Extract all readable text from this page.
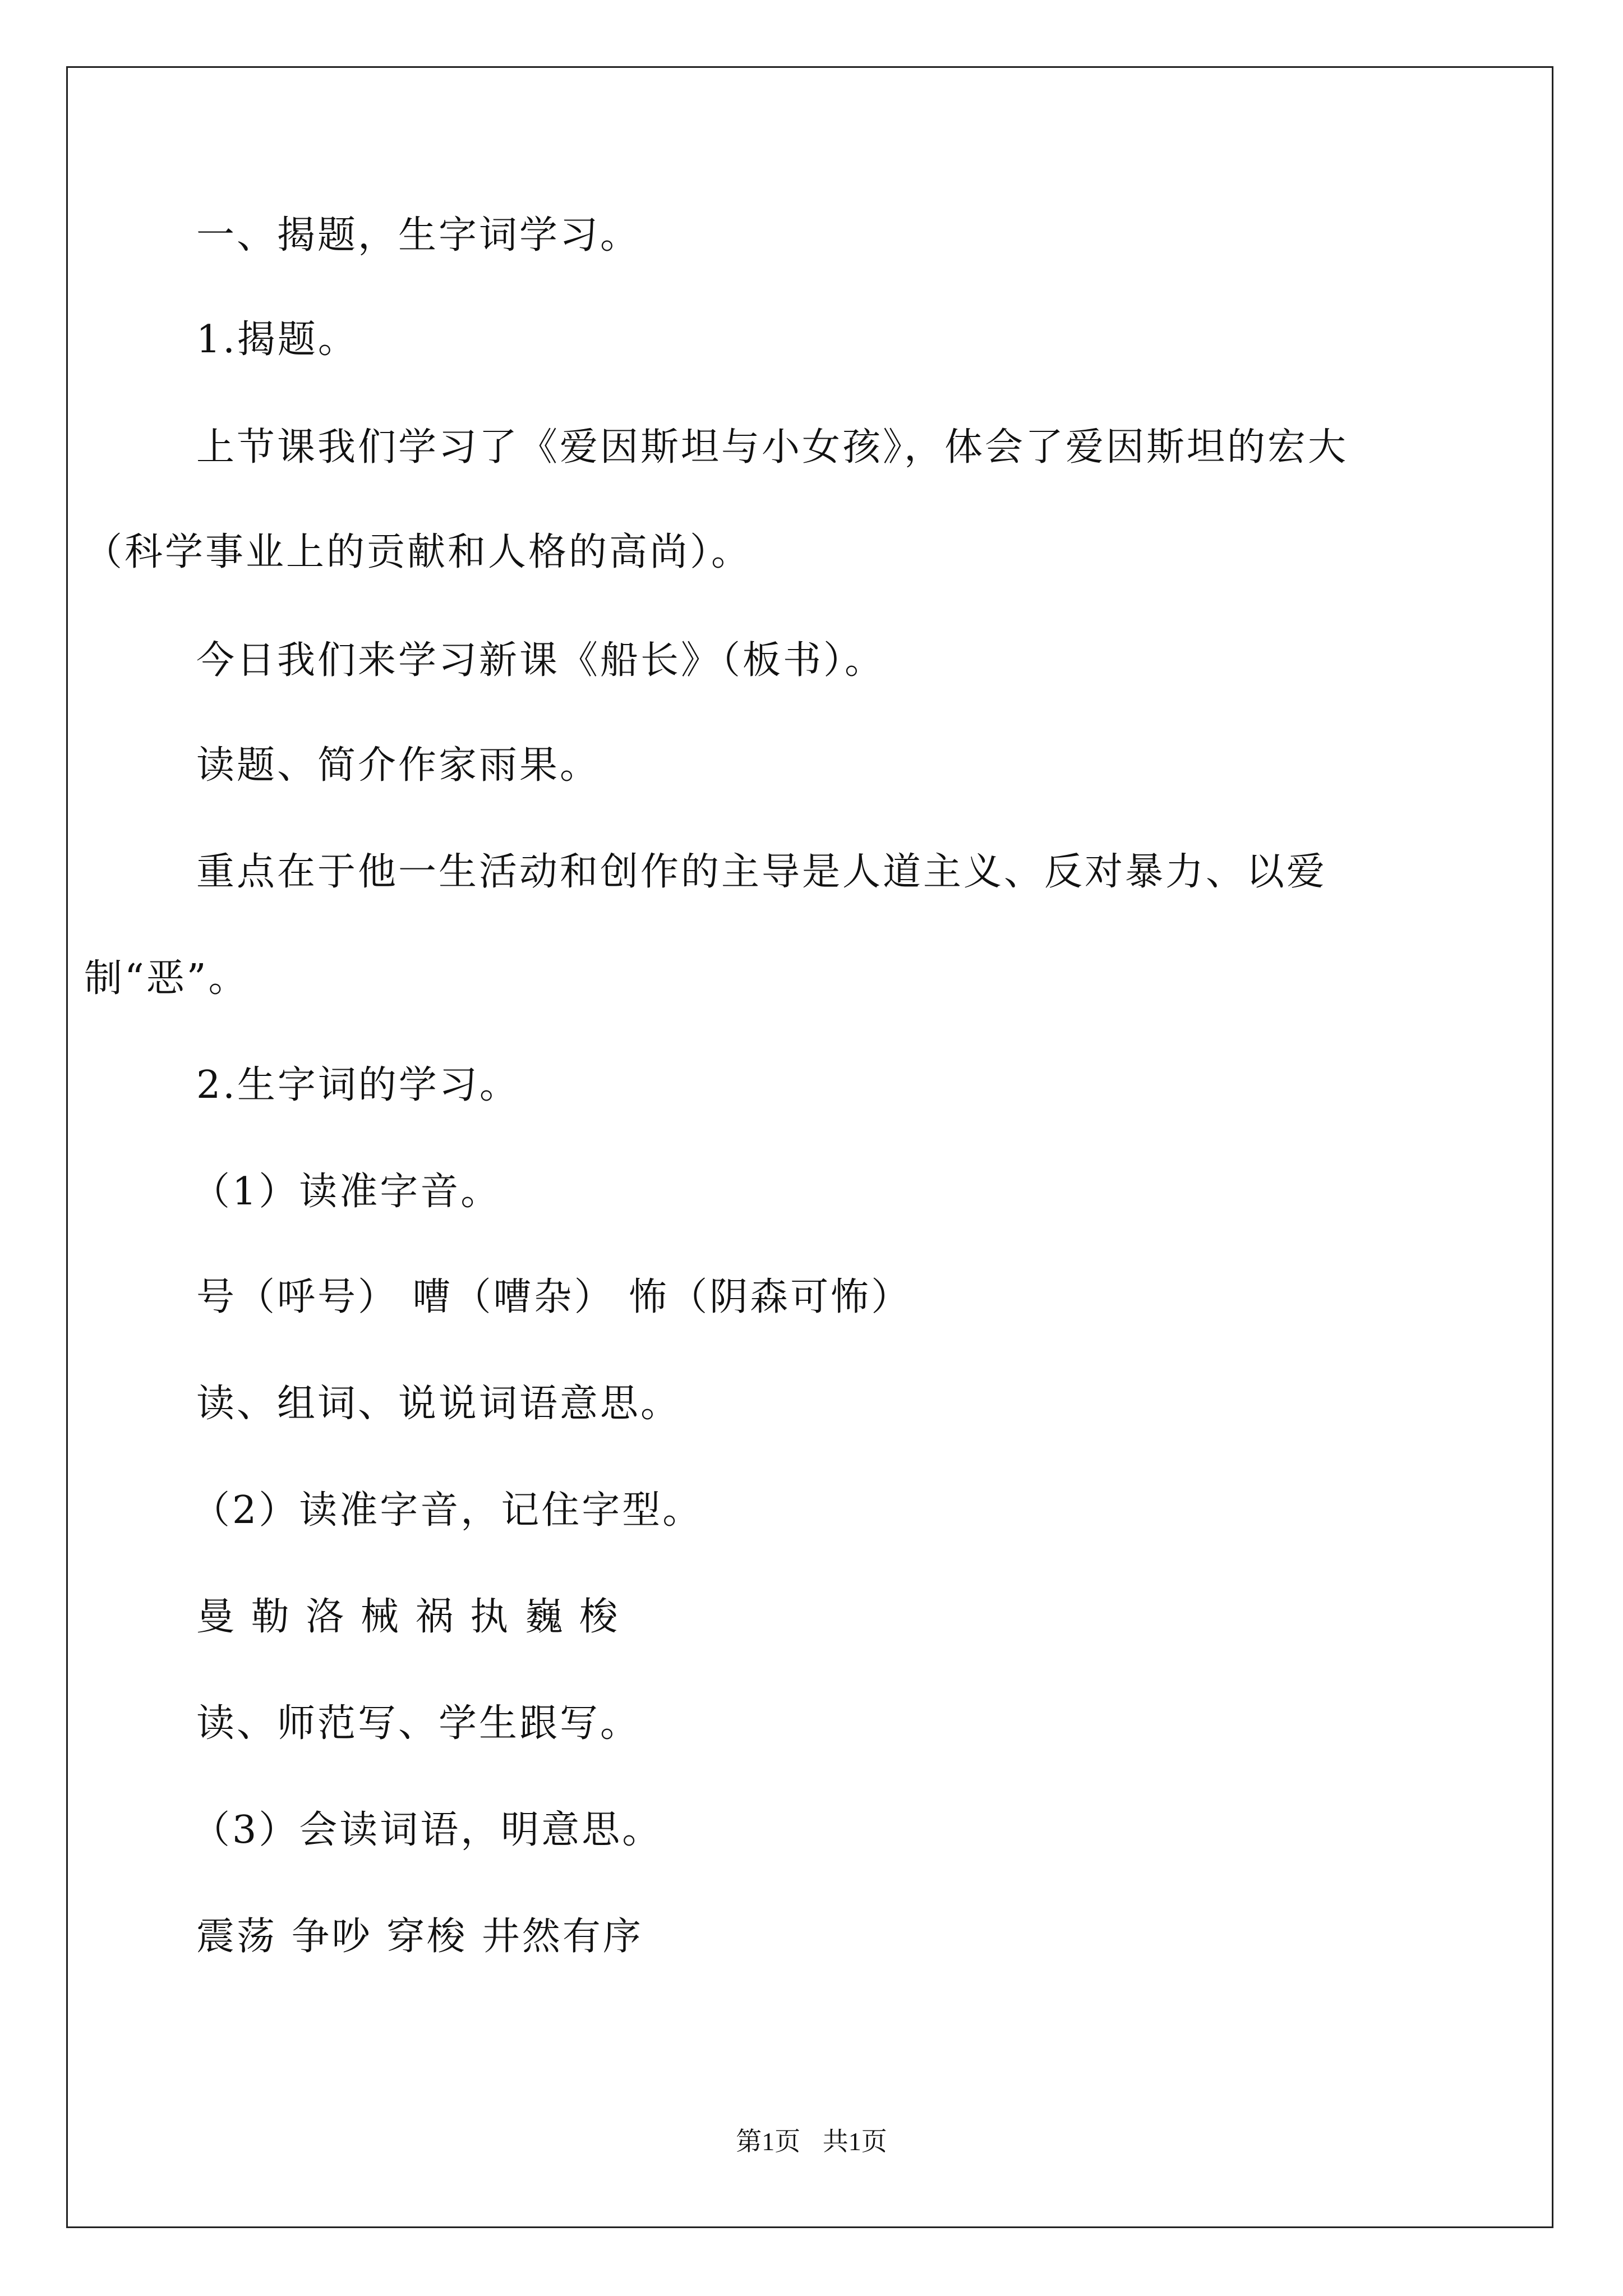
一、揭题，生字词学习。
1.揭题。
上节课我们学习了《爱因斯坦与小女孩》，体会了爱因斯坦的宏大
（科学事业上的贡献和人格的高尚）。
今日我们来学习新课《船长》（板书）。
读题、简介作家雨果。
重点在于他一生活动和创作的主导是人道主义、反对暴力、以爱
制“恶”。
2.生字词的学习。
（1）读准字音。
号（呼号） 嘈（嘈杂） 怖（阴森可怖）
读、组词、说说词语意思。
（2）读准字音，记住字型。
曼 勒 洛 械 祸 执 巍 梭
读、师范写、学生跟写。
（3）会读词语，明意思。
震荡 争吵 穿梭 井然有序
第1页 共1页
